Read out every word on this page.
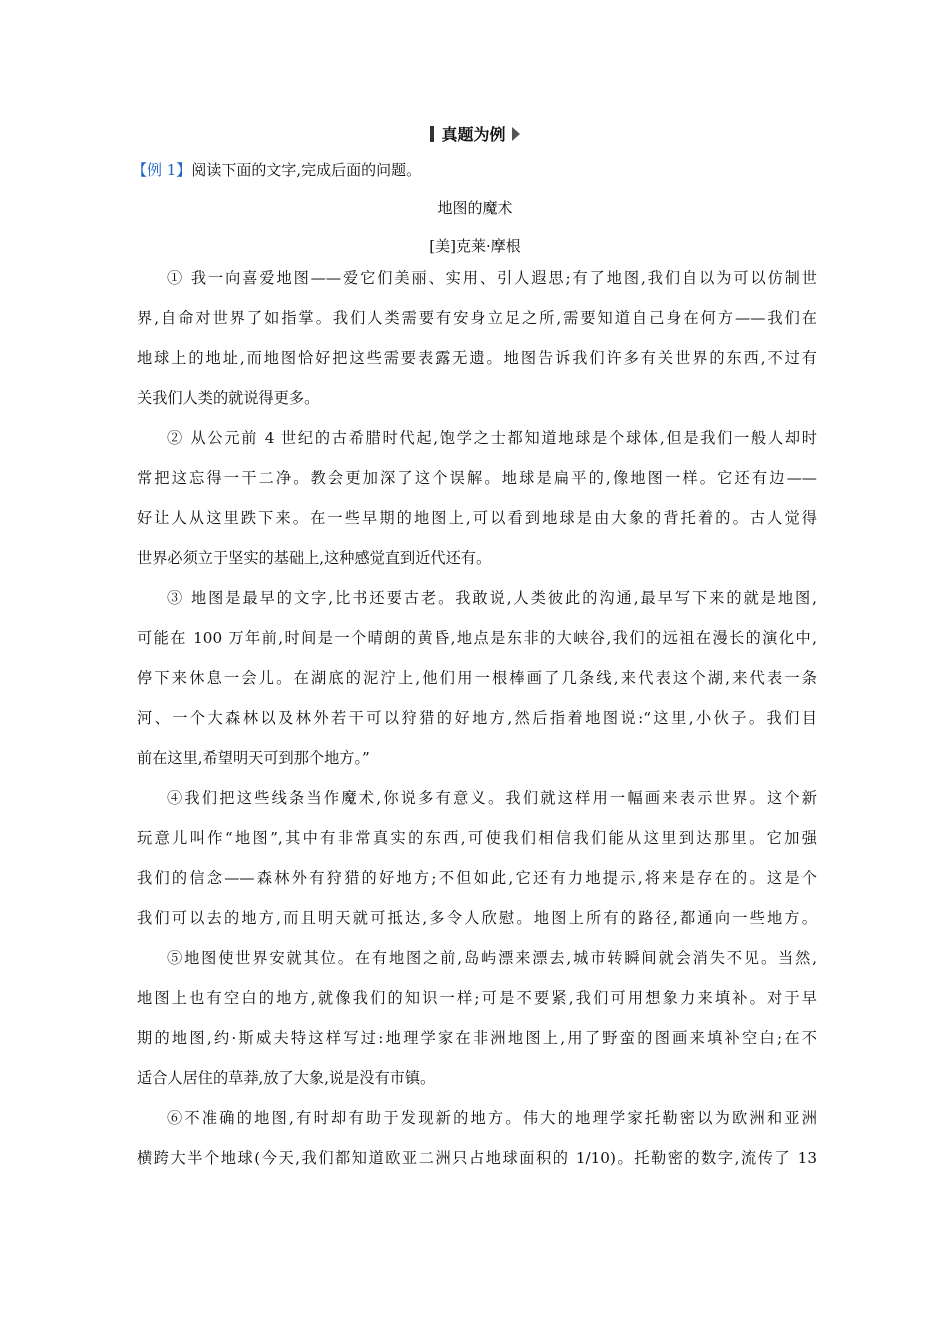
真题为例
【例 1】阅读下面的文字,完成后面的问题。
地图的魔术
[美]克莱·摩根
① 我一向喜爱地图——爱它们美丽、实用、引人遐思;有了地图,我们自以为可以仿制世
界,自命对世界了如指掌。我们人类需要有安身立足之所,需要知道自己身在何方——我们在
地球上的地址,而地图恰好把这些需要表露无遗。地图告诉我们许多有关世界的东西,不过有
关我们人类的就说得更多。
② 从公元前 4 世纪的古希腊时代起,饱学之士都知道地球是个球体,但是我们一般人却时
常把这忘得一干二净。教会更加深了这个误解。地球是扁平的,像地图一样。它还有边——
好让人从这里跌下来。在一些早期的地图上,可以看到地球是由大象的背托着的。古人觉得
世界必须立于坚实的基础上,这种感觉直到近代还有。
③ 地图是最早的文字,比书还要古老。我敢说,人类彼此的沟通,最早写下来的就是地图,
可能在 100 万年前,时间是一个晴朗的黄昏,地点是东非的大峡谷,我们的远祖在漫长的演化中,
停下来休息一会儿。在湖底的泥泞上,他们用一根棒画了几条线,来代表这个湖,来代表一条
河、一个大森林以及林外若干可以狩猎的好地方,然后指着地图说:“这里,小伙子。我们目
前在这里,希望明天可到那个地方。”
④我们把这些线条当作魔术,你说多有意义。我们就这样用一幅画来表示世界。这个新
玩意儿叫作“地图”,其中有非常真实的东西,可使我们相信我们能从这里到达那里。它加强
我们的信念——森林外有狩猎的好地方;不但如此,它还有力地提示,将来是存在的。这是个
我们可以去的地方,而且明天就可抵达,多令人欣慰。地图上所有的路径,都通向一些地方。
⑤地图使世界安就其位。在有地图之前,岛屿漂来漂去,城市转瞬间就会消失不见。当然,
地图上也有空白的地方,就像我们的知识一样;可是不要紧,我们可用想象力来填补。对于早
期的地图,约·斯威夫特这样写过:地理学家在非洲地图上,用了野蛮的图画来填补空白;在不
适合人居住的草莽,放了大象,说是没有市镇。
⑥不准确的地图,有时却有助于发现新的地方。伟大的地理学家托勒密以为欧洲和亚洲
横跨大半个地球(今天,我们都知道欧亚二洲只占地球面积的 1/10)。托勒密的数字,流传了 13
